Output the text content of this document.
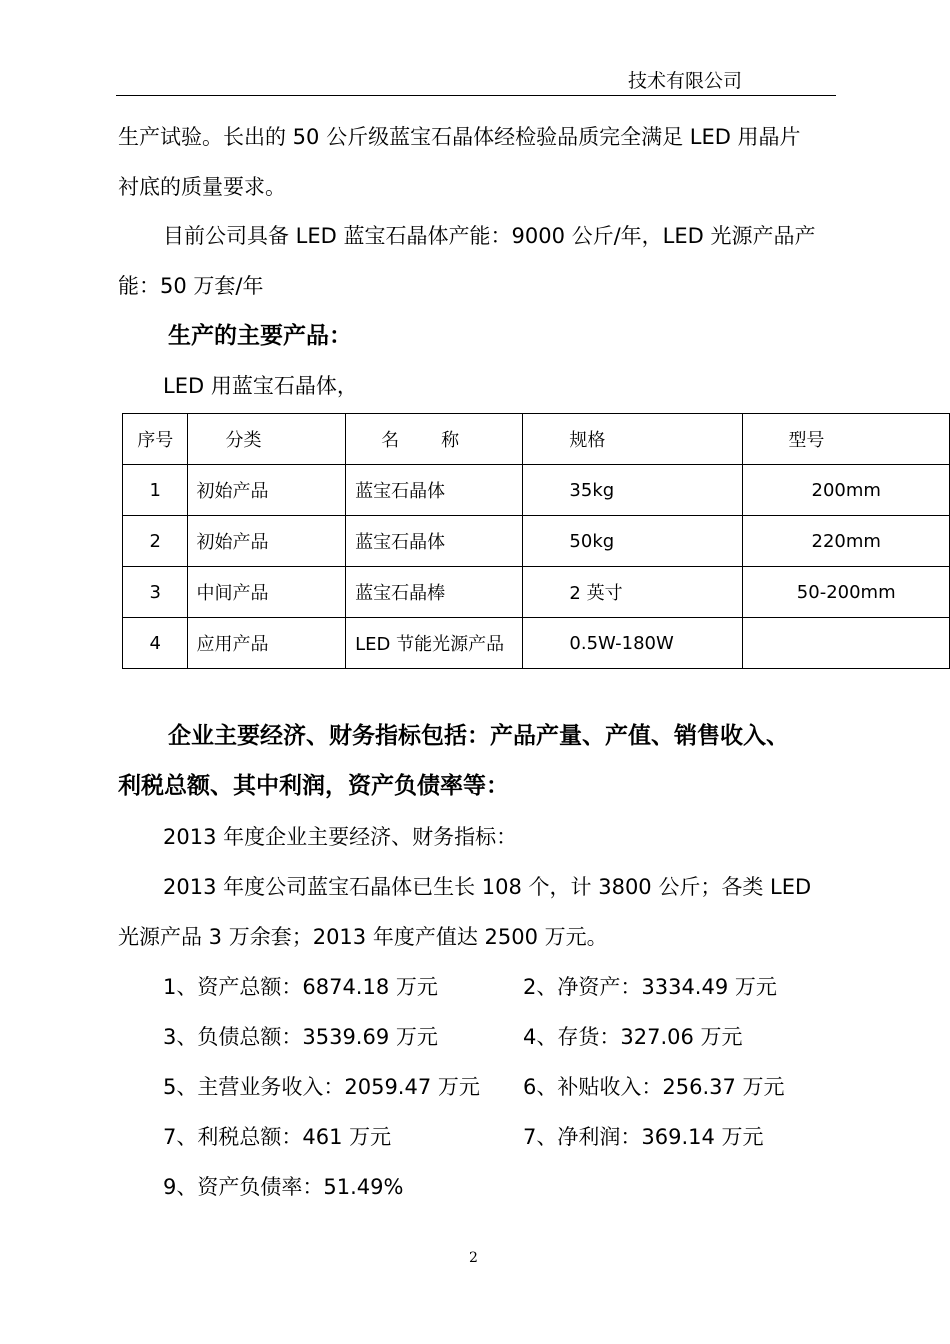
技术有限公司
生产试验。长出的 50 公斤级蓝宝石晶体经检验品质完全满足 LED 用晶片
衬底的质量要求。
目前公司具备 LED 蓝宝石晶体产能：9000 公斤/年，LED 光源产品产
能：50 万套/年
生产的主要产品：
LED 用蓝宝石晶体，
序号	分类	名称	规格	型号
1	初始产品	蓝宝石晶体	35kg	200mm
2	初始产品	蓝宝石晶体	50kg	220mm
3	中间产品	蓝宝石晶棒	2 英寸	50-200mm
4	应用产品	LED 节能光源产品	0.5W-180W	
企业主要经济、财务指标包括：产品产量、产值、销售收入、
利税总额、其中利润，资产负债率等：
2013 年度企业主要经济、财务指标：
2013 年度公司蓝宝石晶体已生长 108 个，计 3800 公斤；各类 LED
光源产品 3 万余套；2013 年度产值达 2500 万元。
1、资产总额：6874.18 万元	2、净资产：3334.49 万元
3、负债总额：3539.69 万元	4、存货：327.06 万元
5、主营业务收入：2059.47 万元 6、补贴收入：256.37 万元
7、利税总额：461 万元	7、净利润：369.14 万元
9、资产负债率：51.49%
2
